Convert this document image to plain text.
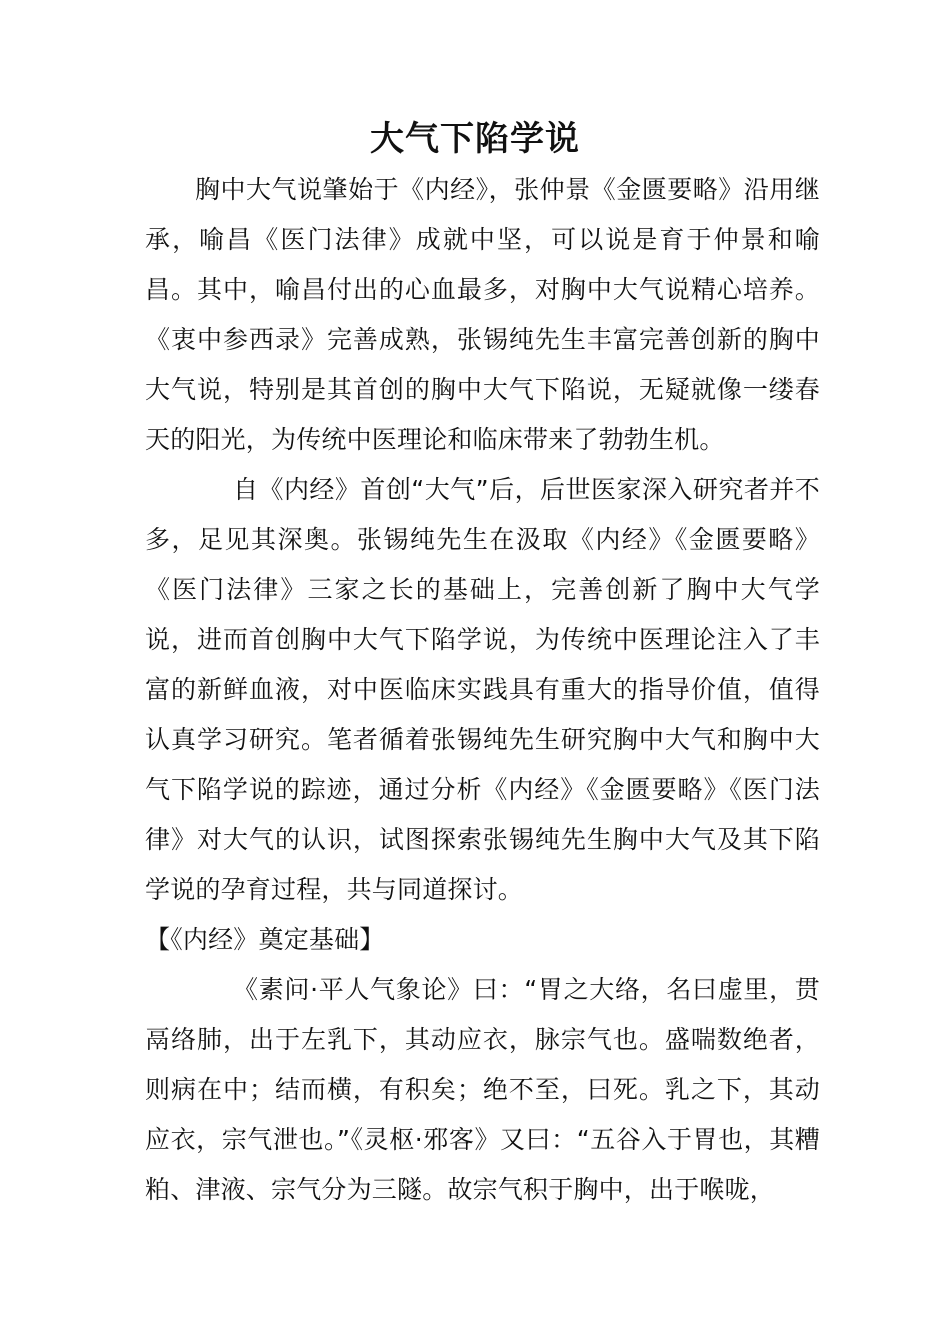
大气下陷学说

胸中大气说肇始于《内经》，张仲景《金匮要略》沿用继承，喻昌《医门法律》成就中坚，可以说是育于仲景和喻昌。其中，喻昌付出的心血最多，对胸中大气说精心培养。《衷中参西录》完善成熟，张锡纯先生丰富完善创新的胸中大气说，特别是其首创的胸中大气下陷说，无疑就像一缕春天的阳光，为传统中医理论和临床带来了勃勃生机。

自《内经》首创“大气”后，后世医家深入研究者并不多，足见其深奥。张锡纯先生在汲取《内经》《金匮要略》《医门法律》三家之长的基础上，完善创新了胸中大气学说，进而首创胸中大气下陷学说，为传统中医理论注入了丰富的新鲜血液，对中医临床实践具有重大的指导价值，值得认真学习研究。笔者循着张锡纯先生研究胸中大气和胸中大气下陷学说的踪迹，通过分析《内经》《金匮要略》《医门法律》对大气的认识，试图探索张锡纯先生胸中大气及其下陷学说的孕育过程，共与同道探讨。

【《内经》奠定基础】

《素问·平人气象论》曰：“胃之大络，名曰虚里，贯鬲络肺，出于左乳下，其动应衣，脉宗气也。盛喘数绝者，则病在中；结而横，有积矣；绝不至，曰死。乳之下，其动应衣，宗气泄也。”《灵枢·邪客》又曰：“五谷入于胃也，其糟粕、津液、宗气分为三隧。故宗气积于胸中，出于喉咙，
